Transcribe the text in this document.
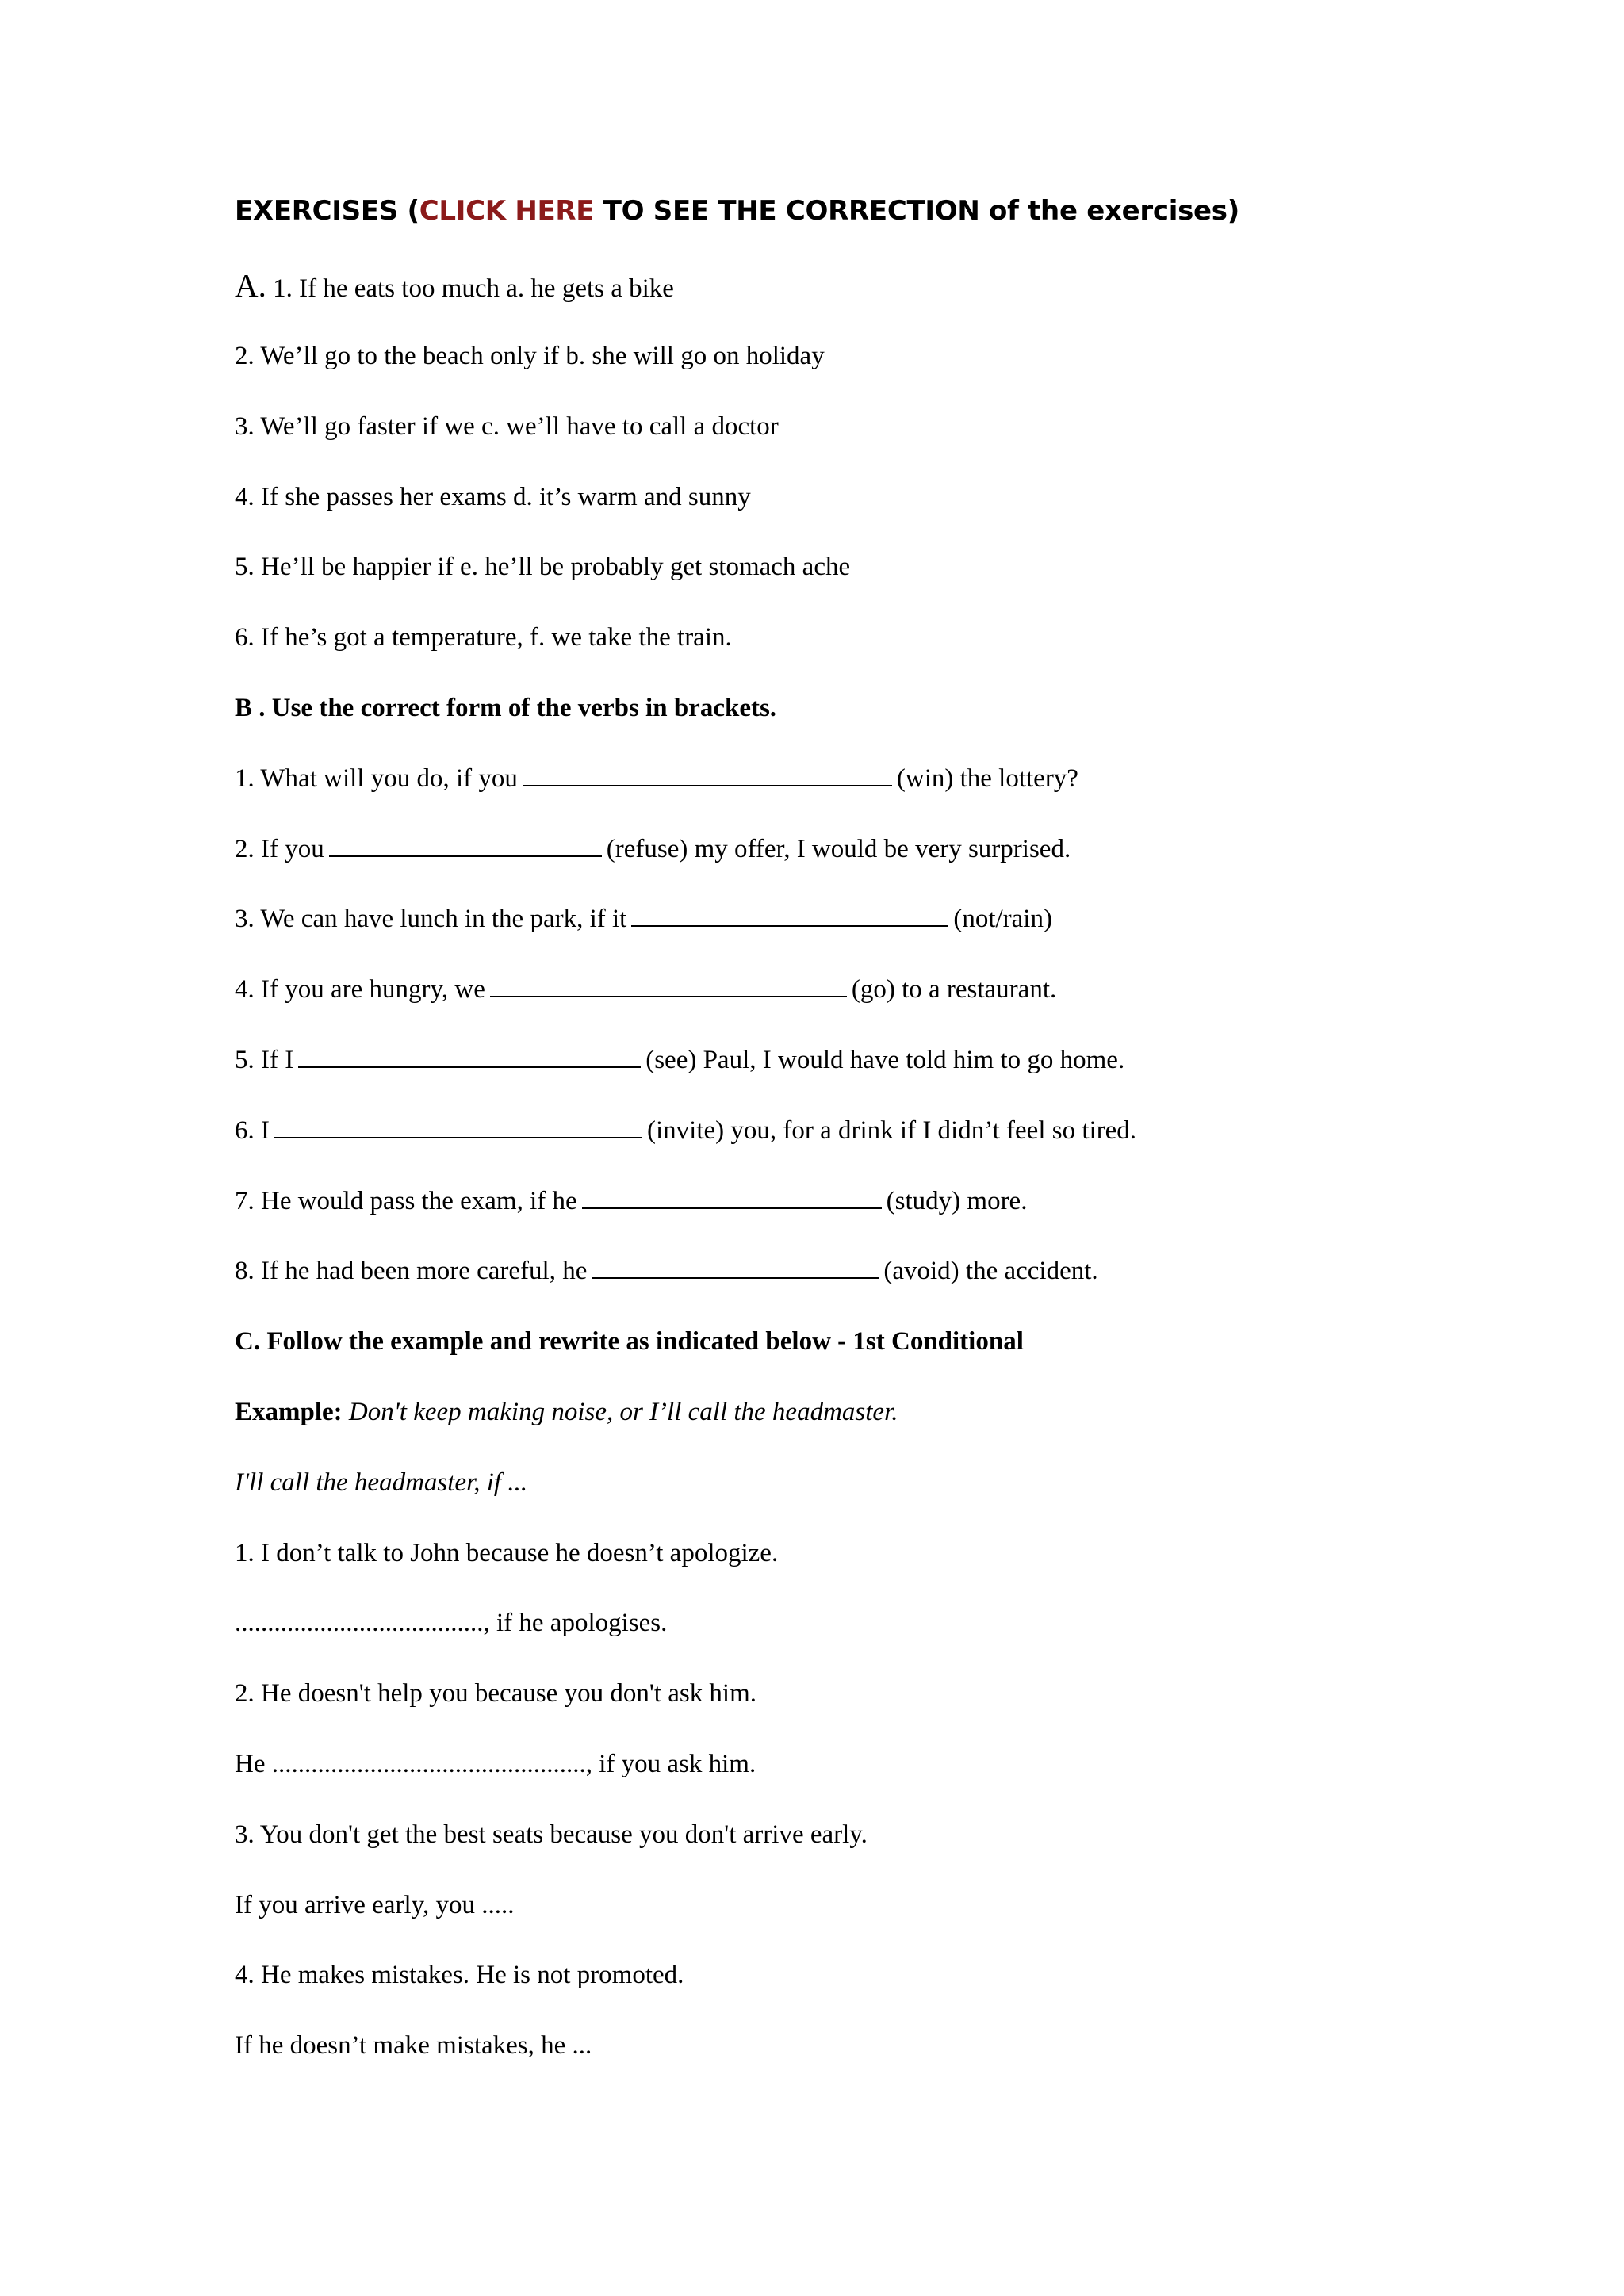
EXERCISES (CLICK HERE TO SEE THE CORRECTION of the exercises)
A. 1. If he eats too much a. he gets a bike
2. We’ll go to the beach only if b. she will go on holiday
3. We’ll go faster if we c. we’ll have to call a doctor
4. If she passes her exams d. it’s warm and sunny
5. He’ll be happier if e. he’ll be probably get stomach ache
6. If he’s got a temperature, f. we take the train.
B . Use the correct form of the verbs in brackets.
1. What will you do, if you	(win) the lottery?
2. If you	(refuse) my offer, I would be very surprised.
3. We can have lunch in the park, if it	(not/rain)
4. If you are hungry, we	(go) to a restaurant.
5. If I	(see) Paul, I would have told him to go home.
6. I	(invite) you, for a drink if I didn’t feel so tired.
7. He would pass the exam, if he	(study) more.
8. If he had been more careful, he	(avoid) the accident.
C. Follow the example and rewrite as indicated below - 1st Conditional
Example: Don't keep making noise, or I’ll call the headmaster.
I'll call the headmaster, if ...
1. I don’t talk to John because he doesn’t apologize.
......................................, if he apologises.
2. He doesn't help you because you don't ask him.
He ................................................, if you ask him.
3. You don't get the best seats because you don't arrive early.
If you arrive early, you .....
4. He makes mistakes. He is not promoted.
If he doesn’t make mistakes, he ...
